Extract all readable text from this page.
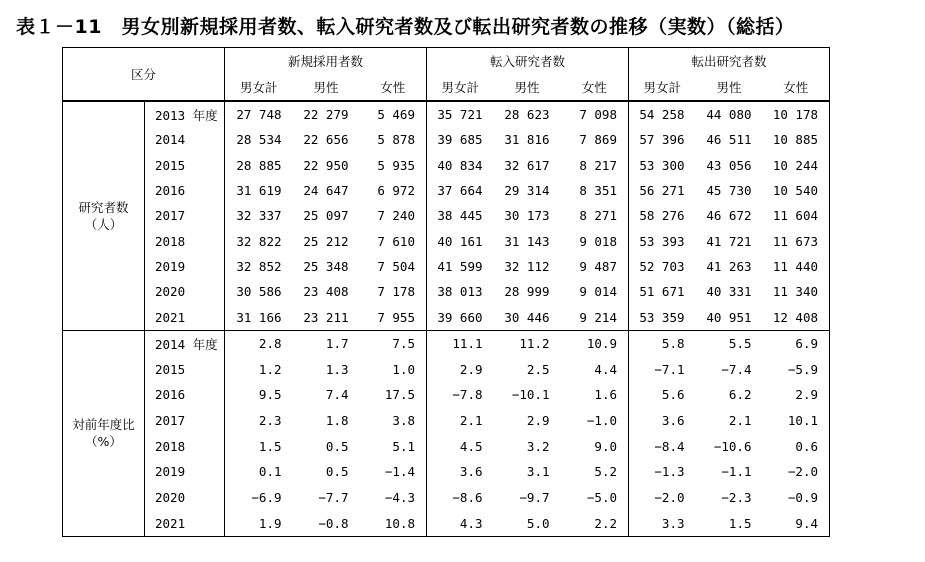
表１－11　男女別新規採用者数、転入研究者数及び転出研究者数の推移（実数）（総括）
区分		新規採用者数			転入研究者数			転出研究者数		
		男女計	男性	女性	男女計	男性	女性	男女計	男性	女性

研究者数
（人）	2013 年度	27 748	22 279	5 469	35 721	28 623	7 098	54 258	44 080	10 178
	2014	28 534	22 656	5 878	39 685	31 816	7 869	57 396	46 511	10 885
	2015	28 885	22 950	5 935	40 834	32 617	8 217	53 300	43 056	10 244
	2016	31 619	24 647	6 972	37 664	29 314	8 351	56 271	45 730	10 540
	2017	32 337	25 097	7 240	38 445	30 173	8 271	58 276	46 672	11 604
	2018	32 822	25 212	7 610	40 161	31 143	9 018	53 393	41 721	11 673
	2019	32 852	25 348	7 504	41 599	32 112	9 487	52 703	41 263	11 440
	2020	30 586	23 408	7 178	38 013	28 999	9 014	51 671	40 331	11 340
	2021	31 166	23 211	7 955	39 660	30 446	9 214	53 359	40 951	12 408

対前年度比
（%）	2014 年度	2.8	1.7	7.5	11.1	11.2	10.9	5.8	5.5	6.9
	2015	1.2	1.3	1.0	2.9	2.5	4.4	−7.1	−7.4	−5.9
	2016	9.5	7.4	17.5	−7.8	−10.1	1.6	5.6	6.2	2.9
	2017	2.3	1.8	3.8	2.1	2.9	−1.0	3.6	2.1	10.1
	2018	1.5	0.5	5.1	4.5	3.2	9.0	−8.4	−10.6	0.6
	2019	0.1	0.5	−1.4	3.6	3.1	5.2	−1.3	−1.1	−2.0
	2020	−6.9	−7.7	−4.3	−8.6	−9.7	−5.0	−2.0	−2.3	−0.9
	2021	1.9	−0.8	10.8	4.3	5.0	2.2	3.3	1.5	9.4
